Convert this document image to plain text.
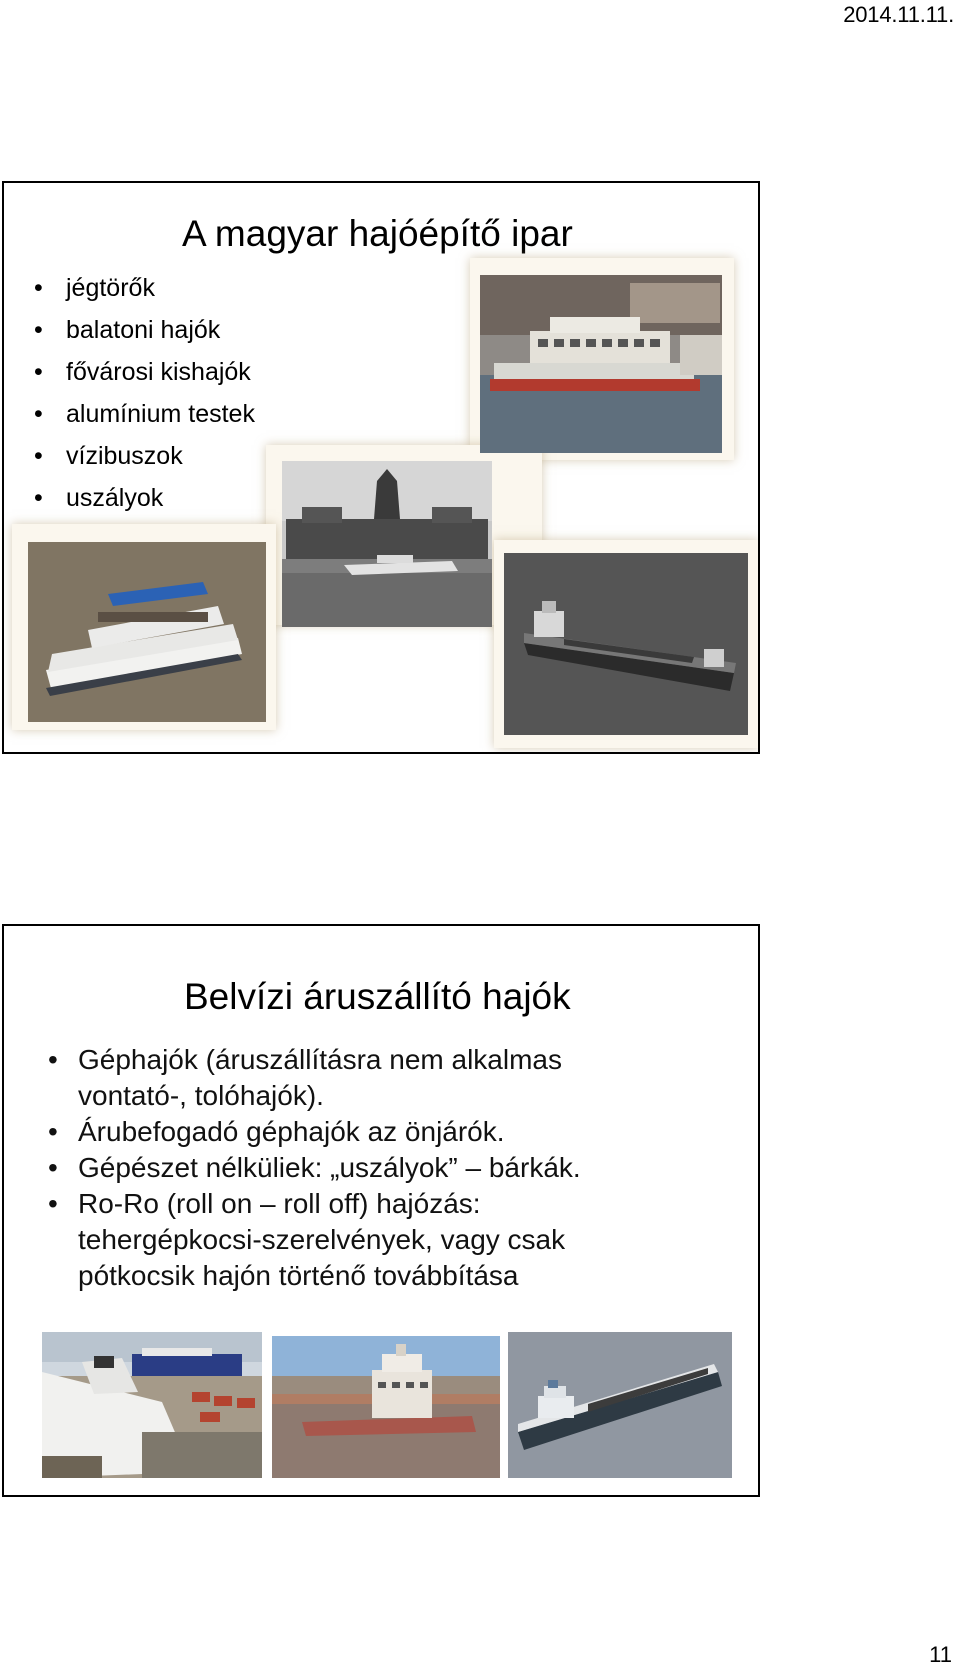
2014.11.11.
A magyar hajóépítő ipar
• jégtörők
• balatoni hajók
• fővárosi kishajók
• alumínium testek
• vízibuszok
• uszályok
Belvízi áruszállító hajók
• Géphajók (áruszállításra nem alkalmas vontató-, tolóhajók).
• Árubefogadó géphajók az önjárók.
• Gépészet nélküliek: „uszályok” – bárkák.
• Ro-Ro (roll on – roll off) hajózás: tehergépkocsi-szerelvények, vagy csak pótkocsik hajón történő továbbítása
11
